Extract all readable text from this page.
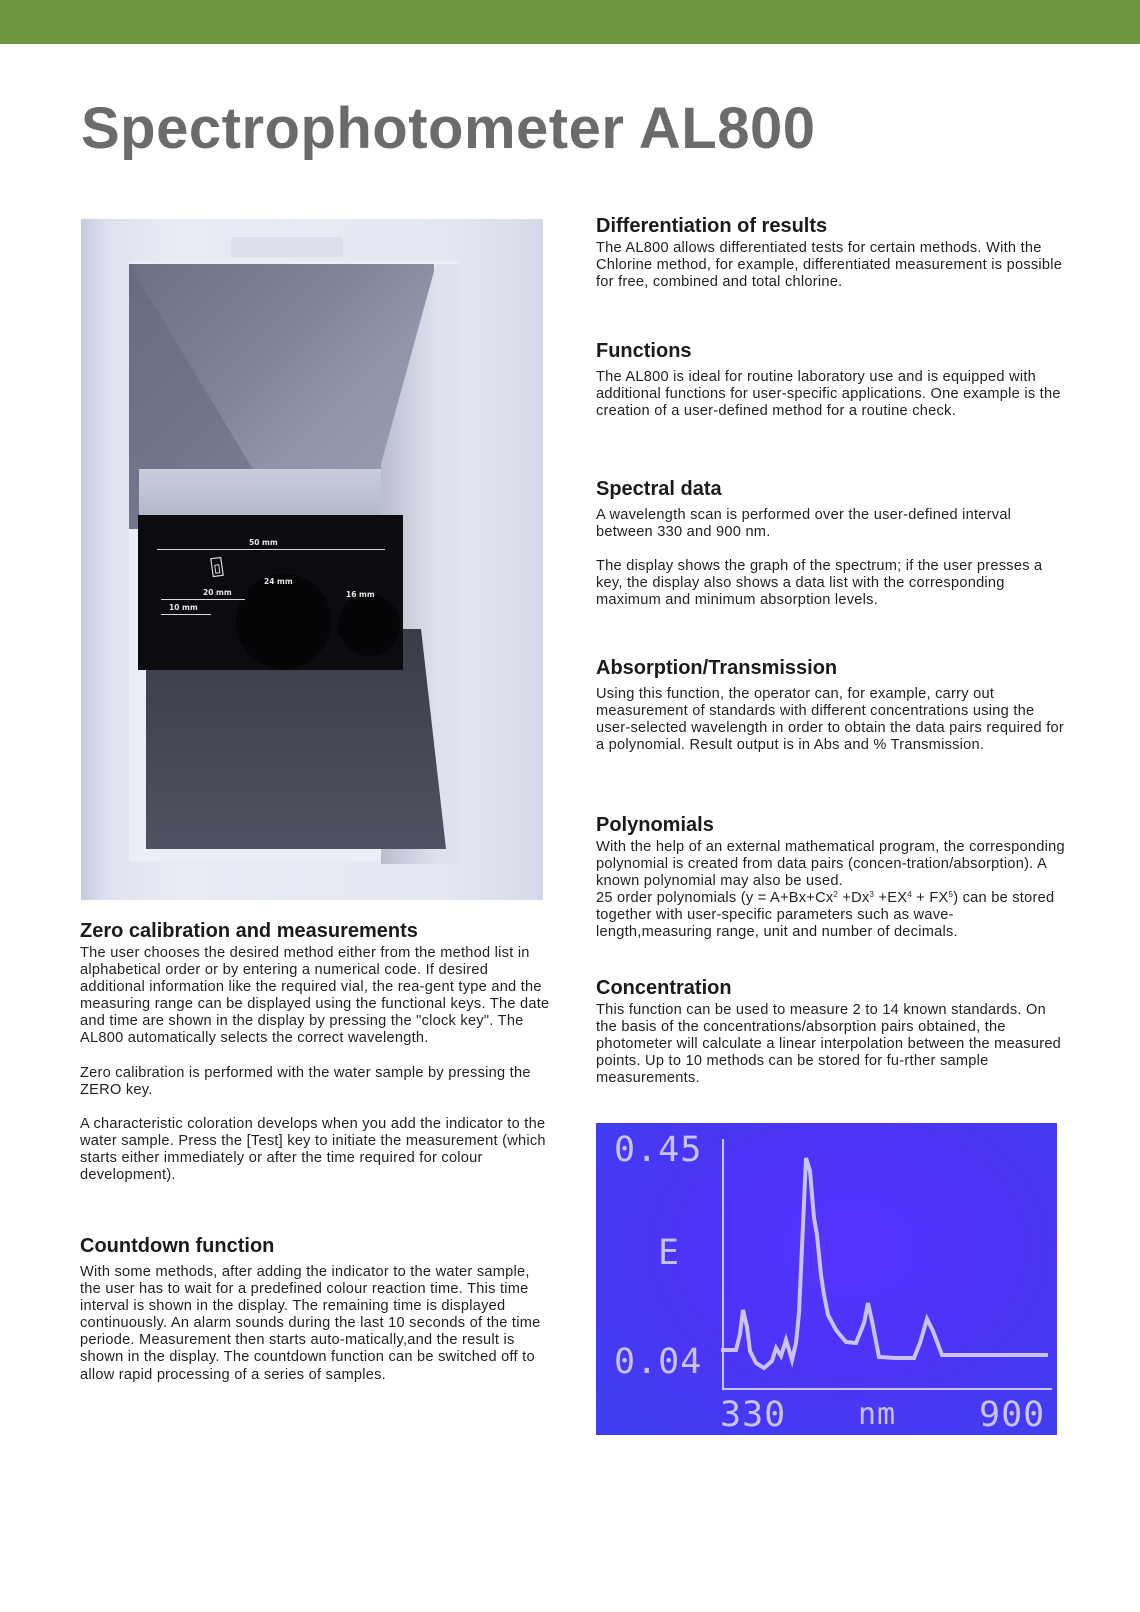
Spectrophotometer AL800
50 mm
20 mm
10 mm
24 mm
16 mm
Zero calibration and measurements

The user chooses the desired method either from the method list in alphabetical order or by entering a numerical code. If desired additional information like the required vial, the rea-gent type and the measuring range can be displayed using the functional keys. The date and time are shown in the display by pressing the "clock key". The AL800 automatically selects the correct wavelength.

Zero calibration is performed with the water sample by pressing the ZERO key.

A characteristic coloration develops when you add the indicator to the water sample. Press the [Test] key to initiate the measurement (which starts either immediately or after the time required for colour development).

Countdown function

With some methods, after adding the indicator to the water sample, the user has to wait for a predefined colour reaction time. This time interval is shown in the display. The remaining time is displayed continuously. An alarm sounds during the last 10 seconds of the time periode. Measurement then starts auto-matically,and the result is shown in the display. The countdown function can be switched off to allow rapid processing of a series of samples.

Differentiation of results

The AL800 allows differentiated tests for certain methods. With the Chlorine method, for example, differentiated measurement is possible for free, combined and total chlorine.

Functions

The AL800 is ideal for routine laboratory use and is equipped with additional functions for user-specific applications. One example is the creation of a user-defined method for a routine check.

Spectral data

A wavelength scan is performed over the user-defined interval between 330 and 900 nm.

The display shows the graph of the spectrum; if the user presses a key, the display also shows a data list with the corresponding maximum and minimum absorption levels.

Absorption/Transmission

Using this function, the operator can, for example, carry out measurement of standards with different concentrations using the user-selected wavelength in order to obtain the data pairs required for a polynomial. Result output is in Abs and % Transmission.

Polynomials

With the help of an external mathematical program, the corresponding polynomial is created from data pairs (concen-tration/absorption). A known polynomial may also be used.

25 order polynomials $(y = A+Bx+Cx^2 +Dx^3 +EX^4 + FX^5)$ can be stored together with user-specific parameters such as wave-length,measuring range, unit and number of decimals.

Concentration

This function can be used to measure 2 to 14 known standards. On the basis of the concentrations/absorption pairs obtained, the photometer will calculate a linear interpolation between the measured points. Up to 10 methods can be stored for fu-rther sample measurements.

0.45
E
0.04
330 nm 900
